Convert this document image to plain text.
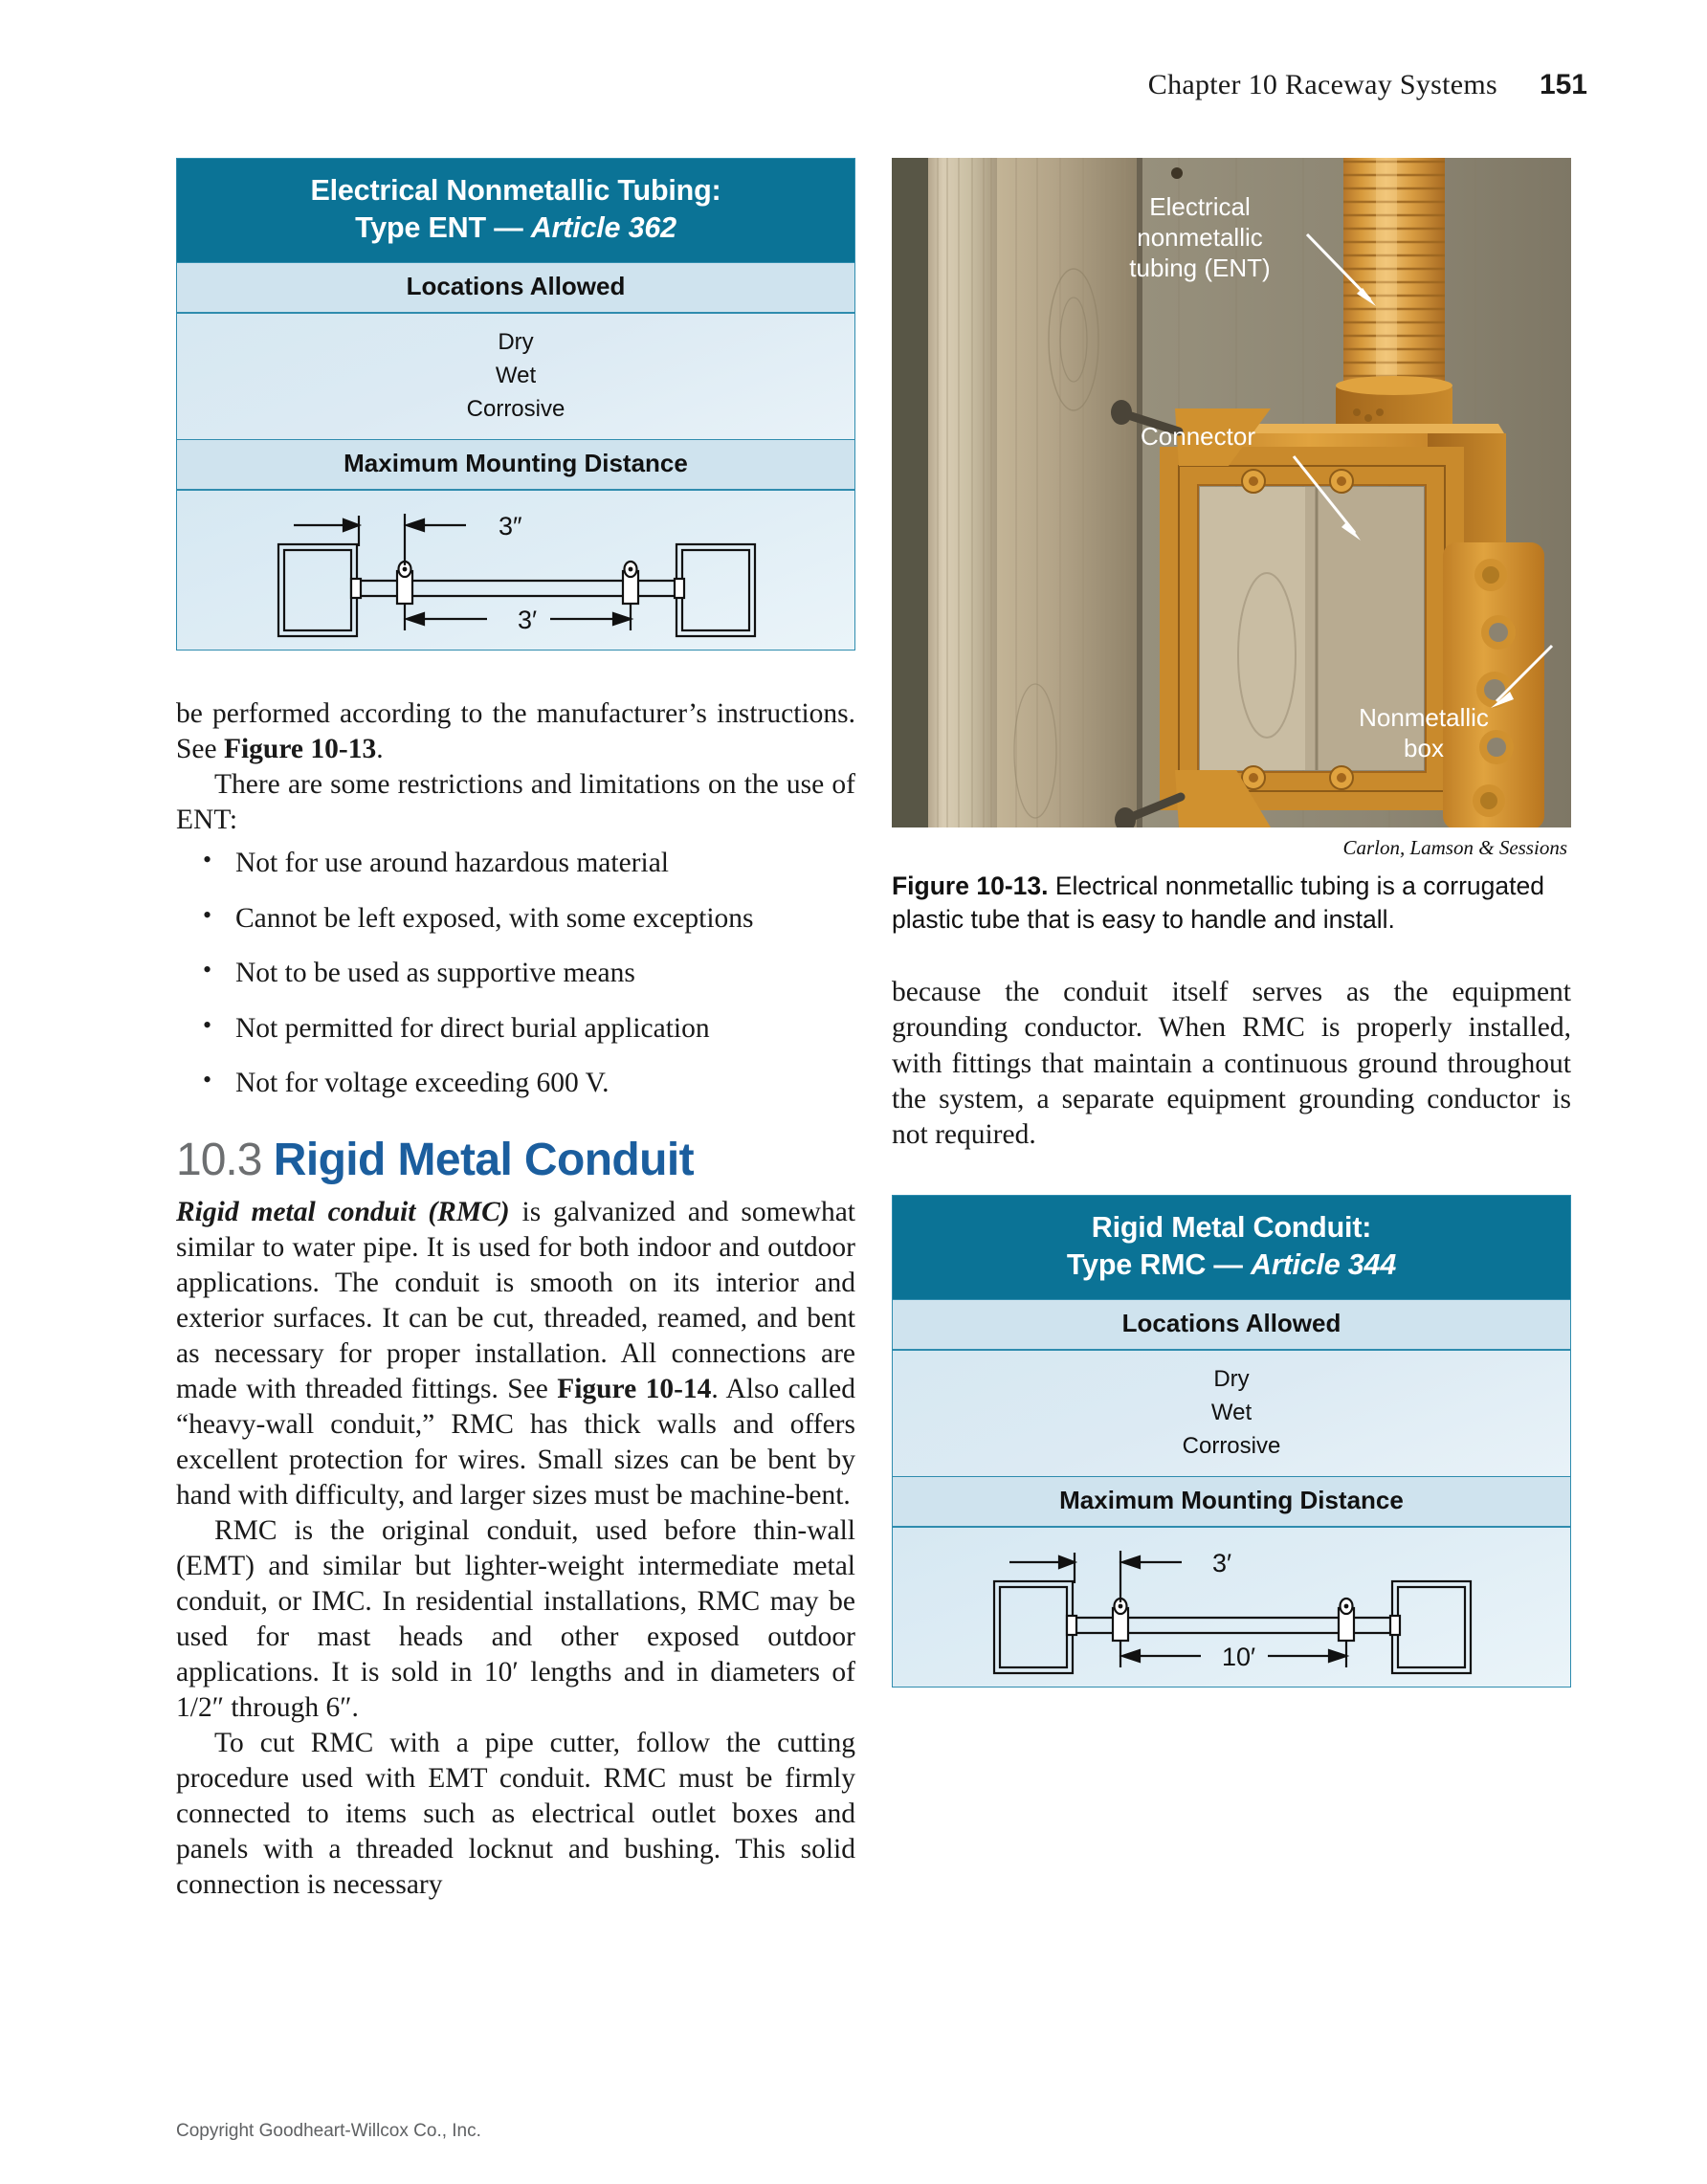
Chapter 10 Raceway Systems 151
Electrical Nonmetallic Tubing:
Type ENT — Article 362
Locations Allowed
Dry
Wet
Corrosive
Maximum Mounting Distance
3″
3′

be performed according to the manufacturer’s instructions. See Figure 10-13.

There are some restrictions and limitations on the use of ENT:

• Not for use around hazardous material
• Cannot be left exposed, with some exceptions
• Not to be used as supportive means
• Not permitted for direct burial application
• Not for voltage exceeding 600 V.
10.3 Rigid Metal Conduit

Rigid metal conduit (RMC) is galvanized and somewhat similar to water pipe. It is used for both indoor and outdoor applications. The conduit is smooth on its interior and exterior surfaces. It can be cut, threaded, reamed, and bent as necessary for proper installation. All connections are made with threaded fittings. See Figure 10-14. Also called “heavy-wall conduit,” RMC has thick walls and offers excellent protection for wires. Small sizes can be bent by hand with difficulty, and larger sizes must be machine-bent.

RMC is the original conduit, used before thin-wall (EMT) and similar but lighter-weight intermediate metal conduit, or IMC. In residential installations, RMC may be used for mast heads and other exposed outdoor applications. It is sold in 10′ lengths and in diameters of 1/2″ through 6″.

To cut RMC with a pipe cutter, follow the cutting procedure used with EMT conduit. RMC must be firmly connected to items such as electrical outlet boxes and panels with a threaded locknut and bushing. This solid connection is necessary

Electrical
nonmetallic
tubing (ENT)
Connector
Nonmetallic
box
Carlon, Lamson & Sessions
Figure 10-13. Electrical nonmetallic tubing is a corrugated plastic tube that is easy to handle and install.

because the conduit itself serves as the equipment grounding conductor. When RMC is properly installed, with fittings that maintain a continuous ground throughout the system, a separate equipment grounding conductor is not required.

Rigid Metal Conduit:
Type RMC — Article 344
Locations Allowed
Dry
Wet
Corrosive
Maximum Mounting Distance
3′
10′
Copyright Goodheart-Willcox Co., Inc.
